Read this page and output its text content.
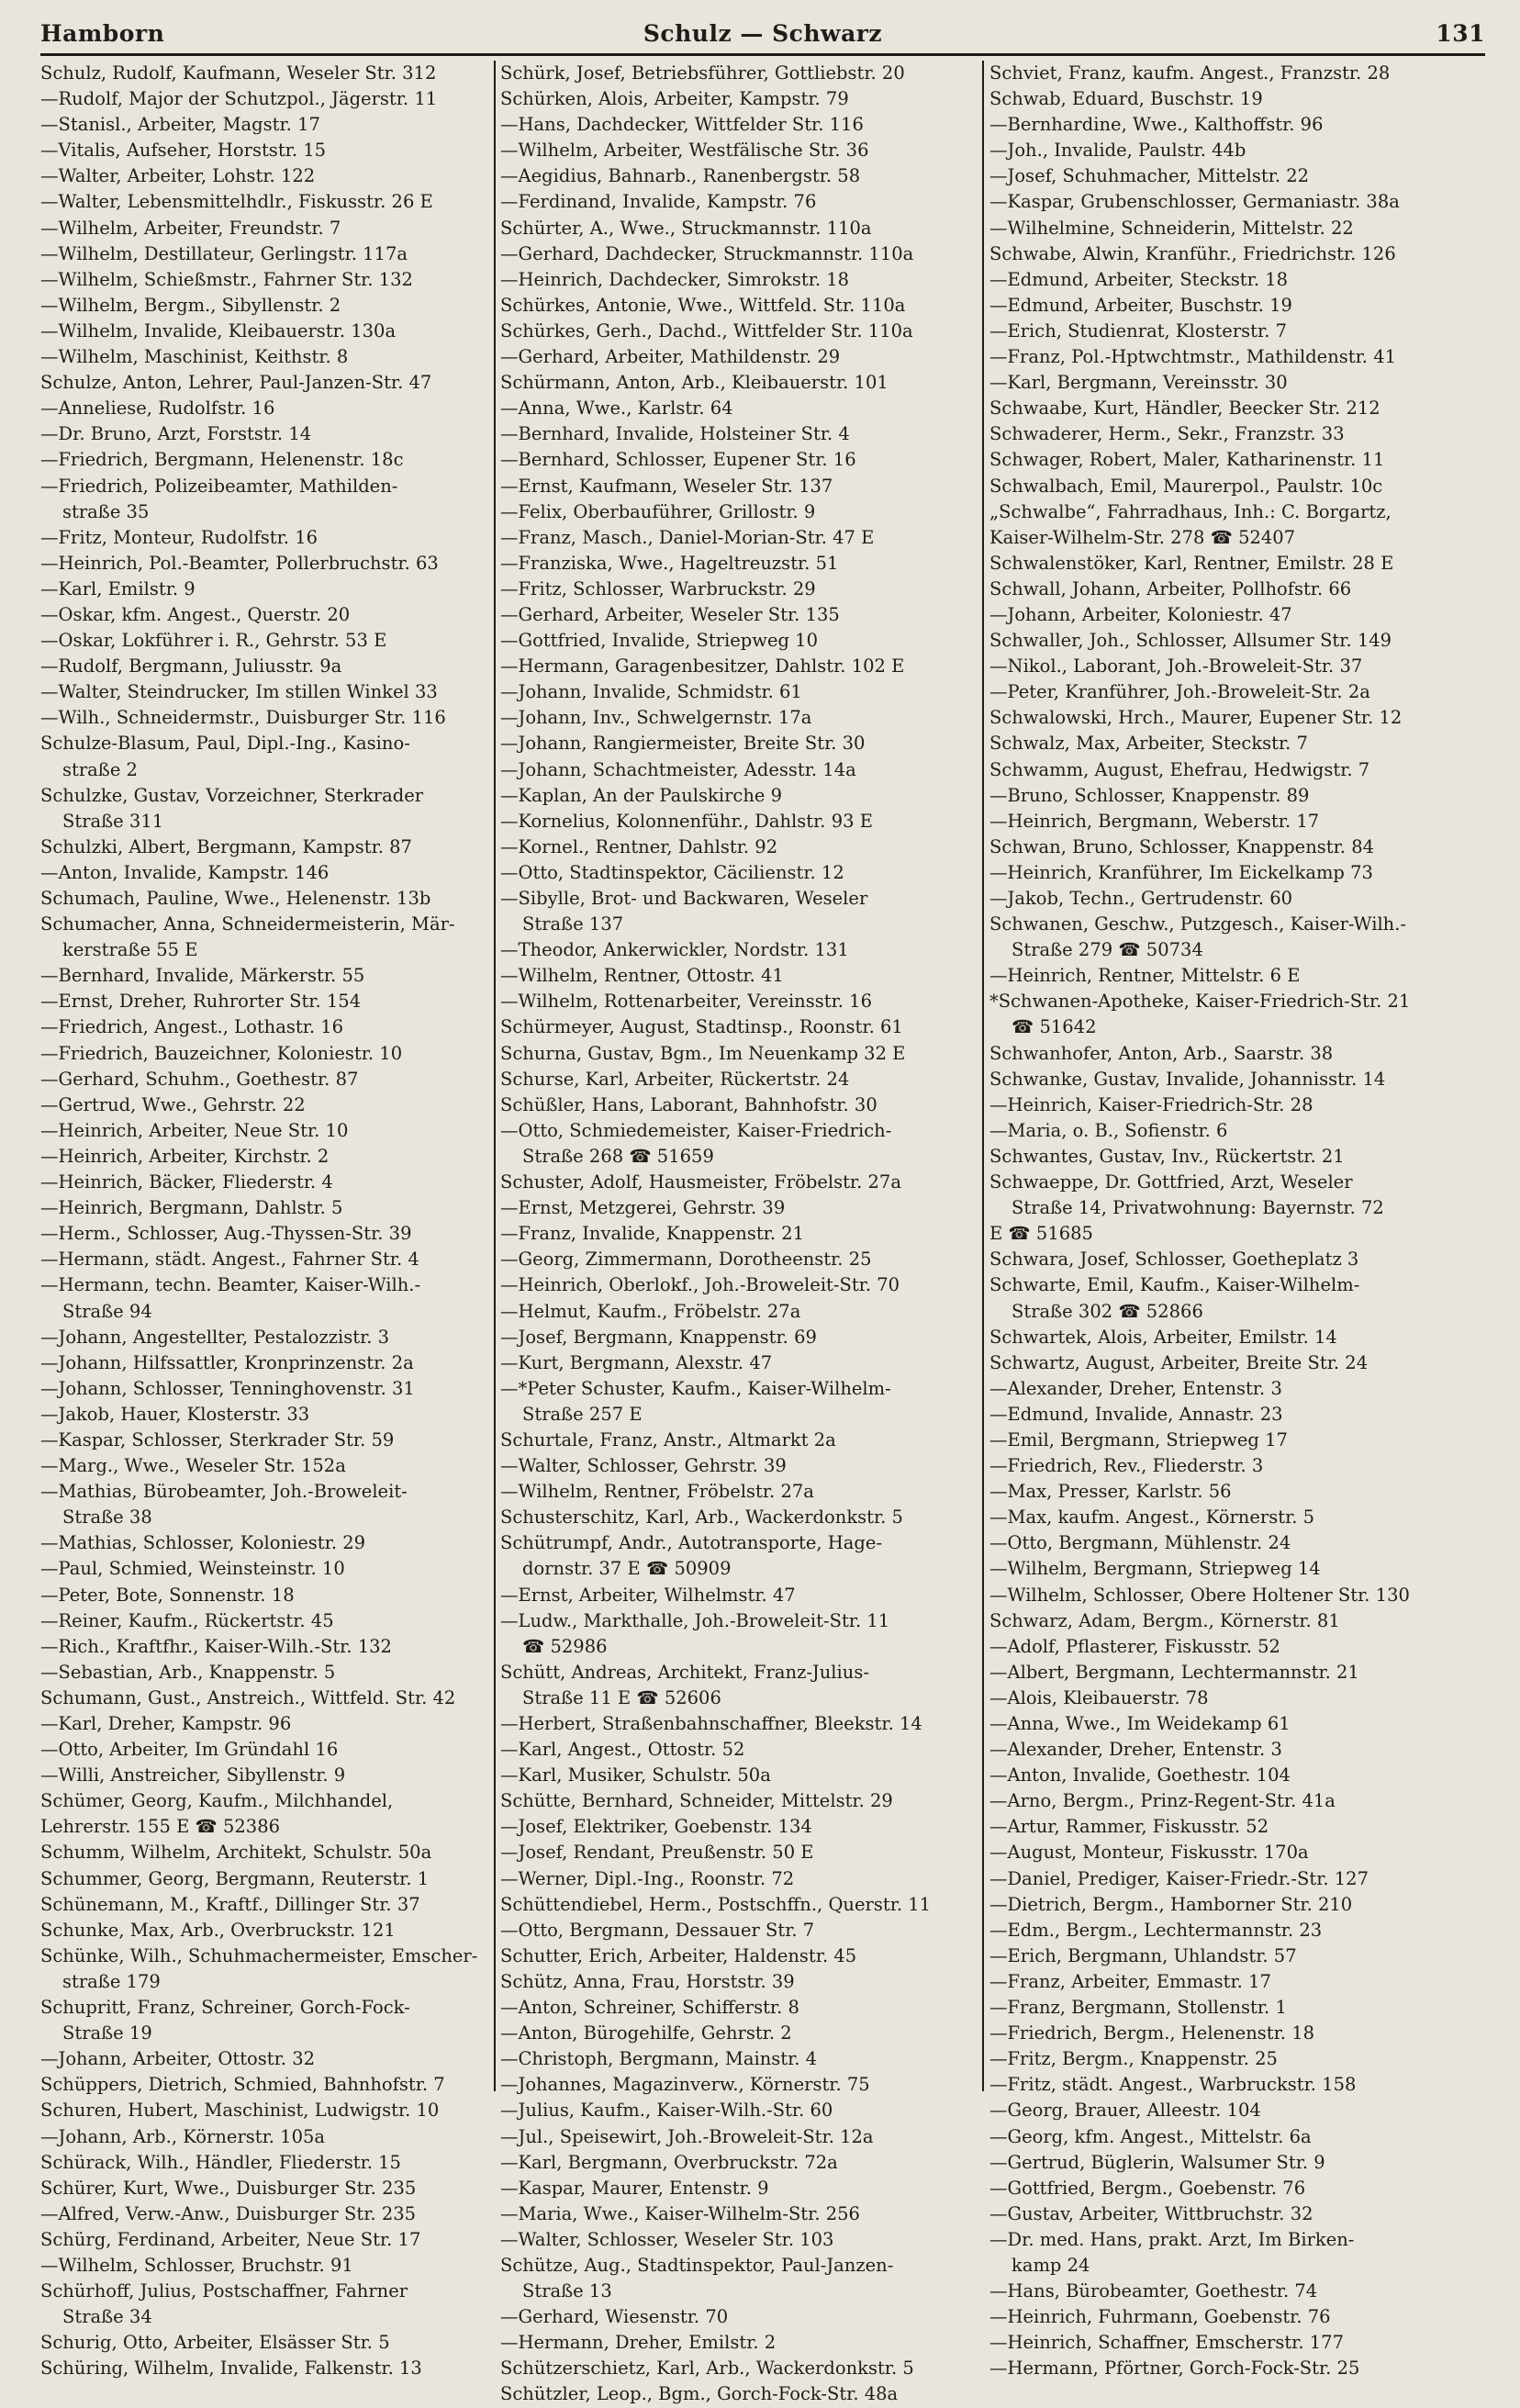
Hamborn	Schulz — Schwarz	131
Schulz, Rudolf, Kaufmann, Weseler Str. 312
—Rudolf, Major der Schutzpol., Jägerstr. 11
—Stanisl., Arbeiter, Magstr. 17
—Vitalis, Aufseher, Horststr. 15
—Walter, Arbeiter, Lohstr. 122
—Walter, Lebensmittelhdlr., Fiskusstr. 26 E
—Wilhelm, Arbeiter, Freundstr. 7
—Wilhelm, Destillateur, Gerlingstr. 117a
—Wilhelm, Schießmstr., Fahrner Str. 132
—Wilhelm, Bergm., Sibyllenstr. 2
—Wilhelm, Invalide, Kleibauerstr. 130a
—Wilhelm, Maschinist, Keithstr. 8
Schulze, Anton, Lehrer, Paul-Janzen-Str. 47
—Anneliese, Rudolfstr. 16
—Dr. Bruno, Arzt, Forststr. 14
—Friedrich, Bergmann, Helenenstr. 18c
—Friedrich, Polizeibeamter, Mathilden-
straße 35
—Fritz, Monteur, Rudolfstr. 16
—Heinrich, Pol.-Beamter, Pollerbruchstr. 63
—Karl, Emilstr. 9
—Oskar, kfm. Angest., Querstr. 20
—Oskar, Lokführer i. R., Gehrstr. 53 E
—Rudolf, Bergmann, Juliusstr. 9a
—Walter, Steindrucker, Im stillen Winkel 33
—Wilh., Schneidermstr., Duisburger Str. 116
Schulze-Blasum, Paul, Dipl.-Ing., Kasino-
straße 2
Schulzke, Gustav, Vorzeichner, Sterkrader
Straße 311
Schulzki, Albert, Bergmann, Kampstr. 87
—Anton, Invalide, Kampstr. 146
Schumach, Pauline, Wwe., Helenenstr. 13b
Schumacher, Anna, Schneidermeisterin, Mär-
kerstraße 55 E
—Bernhard, Invalide, Märkerstr. 55
—Ernst, Dreher, Ruhrorter Str. 154
—Friedrich, Angest., Lothastr. 16
—Friedrich, Bauzeichner, Koloniestr. 10
—Gerhard, Schuhm., Goethestr. 87
—Gertrud, Wwe., Gehrstr. 22
—Heinrich, Arbeiter, Neue Str. 10
—Heinrich, Arbeiter, Kirchstr. 2
—Heinrich, Bäcker, Fliederstr. 4
—Heinrich, Bergmann, Dahlstr. 5
—Herm., Schlosser, Aug.-Thyssen-Str. 39
—Hermann, städt. Angest., Fahrner Str. 4
—Hermann, techn. Beamter, Kaiser-Wilh.-
Straße 94
—Johann, Angestellter, Pestalozzistr. 3
—Johann, Hilfssattler, Kronprinzenstr. 2a
—Johann, Schlosser, Tenninghovenstr. 31
—Jakob, Hauer, Klosterstr. 33
—Kaspar, Schlosser, Sterkrader Str. 59
—Marg., Wwe., Weseler Str. 152a
—Mathias, Bürobeamter, Joh.-Broweleit-
Straße 38
—Mathias, Schlosser, Koloniestr. 29
—Paul, Schmied, Weinsteinstr. 10
—Peter, Bote, Sonnenstr. 18
—Reiner, Kaufm., Rückertstr. 45
—Rich., Kraftfhr., Kaiser-Wilh.-Str. 132
—Sebastian, Arb., Knappenstr. 5
Schumann, Gust., Anstreich., Wittfeld. Str. 42
—Karl, Dreher, Kampstr. 96
—Otto, Arbeiter, Im Gründahl 16
—Willi, Anstreicher, Sibyllenstr. 9
Schümer, Georg, Kaufm., Milchhandel,
Lehrerstr. 155 E ☎ 52386
Schumm, Wilhelm, Architekt, Schulstr. 50a
Schummer, Georg, Bergmann, Reuterstr. 1
Schünemann, M., Kraftf., Dillinger Str. 37
Schunke, Max, Arb., Overbruckstr. 121
Schünke, Wilh., Schuhmachermeister, Emscher-
straße 179
Schupritt, Franz, Schreiner, Gorch-Fock-
Straße 19
—Johann, Arbeiter, Ottostr. 32
Schüppers, Dietrich, Schmied, Bahnhofstr. 7
Schuren, Hubert, Maschinist, Ludwigstr. 10
—Johann, Arb., Körnerstr. 105a
Schürack, Wilh., Händler, Fliederstr. 15
Schürer, Kurt, Wwe., Duisburger Str. 235
—Alfred, Verw.-Anw., Duisburger Str. 235
Schürg, Ferdinand, Arbeiter, Neue Str. 17
—Wilhelm, Schlosser, Bruchstr. 91
Schürhoff, Julius, Postschaffner, Fahrner
Straße 34
Schurig, Otto, Arbeiter, Elsässer Str. 5
Schüring, Wilhelm, Invalide, Falkenstr. 13
Schürk, Josef, Betriebsführer, Gottliebstr. 20
Schürken, Alois, Arbeiter, Kampstr. 79
—Hans, Dachdecker, Wittfelder Str. 116
—Wilhelm, Arbeiter, Westfälische Str. 36
—Aegidius, Bahnarb., Ranenbergstr. 58
—Ferdinand, Invalide, Kampstr. 76
Schürter, A., Wwe., Struckmannstr. 110a
—Gerhard, Dachdecker, Struckmannstr. 110a
—Heinrich, Dachdecker, Simrokstr. 18
Schürkes, Antonie, Wwe., Wittfeld. Str. 110a
Schürkes, Gerh., Dachd., Wittfelder Str. 110a
—Gerhard, Arbeiter, Mathildenstr. 29
Schürmann, Anton, Arb., Kleibauerstr. 101
—Anna, Wwe., Karlstr. 64
—Bernhard, Invalide, Holsteiner Str. 4
—Bernhard, Schlosser, Eupener Str. 16
—Ernst, Kaufmann, Weseler Str. 137
—Felix, Oberbauführer, Grillostr. 9
—Franz, Masch., Daniel-Morian-Str. 47 E
—Franziska, Wwe., Hageltreuzstr. 51
—Fritz, Schlosser, Warbruckstr. 29
—Gerhard, Arbeiter, Weseler Str. 135
—Gottfried, Invalide, Striepweg 10
—Hermann, Garagenbesitzer, Dahlstr. 102 E
—Johann, Invalide, Schmidstr. 61
—Johann, Inv., Schwelgernstr. 17a
—Johann, Rangiermeister, Breite Str. 30
—Johann, Schachtmeister, Adesstr. 14a
—Kaplan, An der Paulskirche 9
—Kornelius, Kolonnenführ., Dahlstr. 93 E
—Kornel., Rentner, Dahlstr. 92
—Otto, Stadtinspektor, Cäcilienstr. 12
—Sibylle, Brot- und Backwaren, Weseler
Straße 137
—Theodor, Ankerwickler, Nordstr. 131
—Wilhelm, Rentner, Ottostr. 41
—Wilhelm, Rottenarbeiter, Vereinsstr. 16
Schürmeyer, August, Stadtinsp., Roonstr. 61
Schurna, Gustav, Bgm., Im Neuenkamp 32 E
Schurse, Karl, Arbeiter, Rückertstr. 24
Schüßler, Hans, Laborant, Bahnhofstr. 30
—Otto, Schmiedemeister, Kaiser-Friedrich-
Straße 268 ☎ 51659
Schuster, Adolf, Hausmeister, Fröbelstr. 27a
—Ernst, Metzgerei, Gehrstr. 39
—Franz, Invalide, Knappenstr. 21
—Georg, Zimmermann, Dorotheenstr. 25
—Heinrich, Oberlokf., Joh.-Broweleit-Str. 70
—Helmut, Kaufm., Fröbelstr. 27a
—Josef, Bergmann, Knappenstr. 69
—Kurt, Bergmann, Alexstr. 47
—*Peter Schuster, Kaufm., Kaiser-Wilhelm-
Straße 257 E
Schurtale, Franz, Anstr., Altmarkt 2a
—Walter, Schlosser, Gehrstr. 39
—Wilhelm, Rentner, Fröbelstr. 27a
Schusterschitz, Karl, Arb., Wackerdonkstr. 5
Schütrumpf, Andr., Autotransporte, Hage-
dornstr. 37 E ☎ 50909
—Ernst, Arbeiter, Wilhelmstr. 47
—Ludw., Markthalle, Joh.-Broweleit-Str. 11
☎ 52986
Schütt, Andreas, Architekt, Franz-Julius-
Straße 11 E ☎ 52606
—Herbert, Straßenbahnschaffner, Bleekstr. 14
—Karl, Angest., Ottostr. 52
—Karl, Musiker, Schulstr. 50a
Schütte, Bernhard, Schneider, Mittelstr. 29
—Josef, Elektriker, Goebenstr. 134
—Josef, Rendant, Preußenstr. 50 E
—Werner, Dipl.-Ing., Roonstr. 72
Schüttendiebel, Herm., Postschffn., Querstr. 11
—Otto, Bergmann, Dessauer Str. 7
Schutter, Erich, Arbeiter, Haldenstr. 45
Schütz, Anna, Frau, Horststr. 39
—Anton, Schreiner, Schifferstr. 8
—Anton, Bürogehilfe, Gehrstr. 2
—Christoph, Bergmann, Mainstr. 4
—Johannes, Magazinverw., Körnerstr. 75
—Julius, Kaufm., Kaiser-Wilh.-Str. 60
—Jul., Speisewirt, Joh.-Broweleit-Str. 12a
—Karl, Bergmann, Overbruckstr. 72a
—Kaspar, Maurer, Entenstr. 9
—Maria, Wwe., Kaiser-Wilhelm-Str. 256
—Walter, Schlosser, Weseler Str. 103
Schütze, Aug., Stadtinspektor, Paul-Janzen-
Straße 13
—Gerhard, Wiesenstr. 70
—Hermann, Dreher, Emilstr. 2
Schützerschietz, Karl, Arb., Wackerdonkstr. 5
Schützler, Leop., Bgm., Gorch-Fock-Str. 48a
Schviet, Franz, kaufm. Angest., Franzstr. 28
Schwab, Eduard, Buschstr. 19
—Bernhardine, Wwe., Kalthoffstr. 96
—Joh., Invalide, Paulstr. 44b
—Josef, Schuhmacher, Mittelstr. 22
—Kaspar, Grubenschlosser, Germaniastr. 38a
—Wilhelmine, Schneiderin, Mittelstr. 22
Schwabe, Alwin, Kranführ., Friedrichstr. 126
—Edmund, Arbeiter, Steckstr. 18
—Edmund, Arbeiter, Buschstr. 19
—Erich, Studienrat, Klosterstr. 7
—Franz, Pol.-Hptwchtmstr., Mathildenstr. 41
—Karl, Bergmann, Vereinsstr. 30
Schwaabe, Kurt, Händler, Beecker Str. 212
Schwaderer, Herm., Sekr., Franzstr. 33
Schwager, Robert, Maler, Katharinenstr. 11
Schwalbach, Emil, Maurerpol., Paulstr. 10c
„Schwalbe“, Fahrradhaus, Inh.: C. Borgartz,
Kaiser-Wilhelm-Str. 278 ☎ 52407
Schwalenstöker, Karl, Rentner, Emilstr. 28 E
Schwall, Johann, Arbeiter, Pollhofstr. 66
—Johann, Arbeiter, Koloniestr. 47
Schwaller, Joh., Schlosser, Allsumer Str. 149
—Nikol., Laborant, Joh.-Broweleit-Str. 37
—Peter, Kranführer, Joh.-Broweleit-Str. 2a
Schwalowski, Hrch., Maurer, Eupener Str. 12
Schwalz, Max, Arbeiter, Steckstr. 7
Schwamm, August, Ehefrau, Hedwigstr. 7
—Bruno, Schlosser, Knappenstr. 89
—Heinrich, Bergmann, Weberstr. 17
Schwan, Bruno, Schlosser, Knappenstr. 84
—Heinrich, Kranführer, Im Eickelkamp 73
—Jakob, Techn., Gertrudenstr. 60
Schwanen, Geschw., Putzgesch., Kaiser-Wilh.-
Straße 279 ☎ 50734
—Heinrich, Rentner, Mittelstr. 6 E
*Schwanen-Apotheke, Kaiser-Friedrich-Str. 21
☎ 51642
Schwanhofer, Anton, Arb., Saarstr. 38
Schwanke, Gustav, Invalide, Johannisstr. 14
—Heinrich, Kaiser-Friedrich-Str. 28
—Maria, o. B., Sofienstr. 6
Schwantes, Gustav, Inv., Rückertstr. 21
Schwaeppe, Dr. Gottfried, Arzt, Weseler
Straße 14, Privatwohnung: Bayernstr. 72
E ☎ 51685
Schwara, Josef, Schlosser, Goetheplatz 3
Schwarte, Emil, Kaufm., Kaiser-Wilhelm-
Straße 302 ☎ 52866
Schwartek, Alois, Arbeiter, Emilstr. 14
Schwartz, August, Arbeiter, Breite Str. 24
—Alexander, Dreher, Entenstr. 3
—Edmund, Invalide, Annastr. 23
—Emil, Bergmann, Striepweg 17
—Friedrich, Rev., Fliederstr. 3
—Max, Presser, Karlstr. 56
—Max, kaufm. Angest., Körnerstr. 5
—Otto, Bergmann, Mühlenstr. 24
—Wilhelm, Bergmann, Striepweg 14
—Wilhelm, Schlosser, Obere Holtener Str. 130
Schwarz, Adam, Bergm., Körnerstr. 81
—Adolf, Pflasterer, Fiskusstr. 52
—Albert, Bergmann, Lechtermannstr. 21
—Alois, Kleibauerstr. 78
—Anna, Wwe., Im Weidekamp 61
—Alexander, Dreher, Entenstr. 3
—Anton, Invalide, Goethestr. 104
—Arno, Bergm., Prinz-Regent-Str. 41a
—Artur, Rammer, Fiskusstr. 52
—August, Monteur, Fiskusstr. 170a
—Daniel, Prediger, Kaiser-Friedr.-Str. 127
—Dietrich, Bergm., Hamborner Str. 210
—Edm., Bergm., Lechtermannstr. 23
—Erich, Bergmann, Uhlandstr. 57
—Franz, Arbeiter, Emmastr. 17
—Franz, Bergmann, Stollenstr. 1
—Friedrich, Bergm., Helenenstr. 18
—Fritz, Bergm., Knappenstr. 25
—Fritz, städt. Angest., Warbruckstr. 158
—Georg, Brauer, Alleestr. 104
—Georg, kfm. Angest., Mittelstr. 6a
—Gertrud, Büglerin, Walsumer Str. 9
—Gottfried, Bergm., Goebenstr. 76
—Gustav, Arbeiter, Wittbruchstr. 32
—Dr. med. Hans, prakt. Arzt, Im Birken-
kamp 24
—Hans, Bürobeamter, Goethestr. 74
—Heinrich, Fuhrmann, Goebenstr. 76
—Heinrich, Schaffner, Emscherstr. 177
—Hermann, Pförtner, Gorch-Fock-Str. 25
